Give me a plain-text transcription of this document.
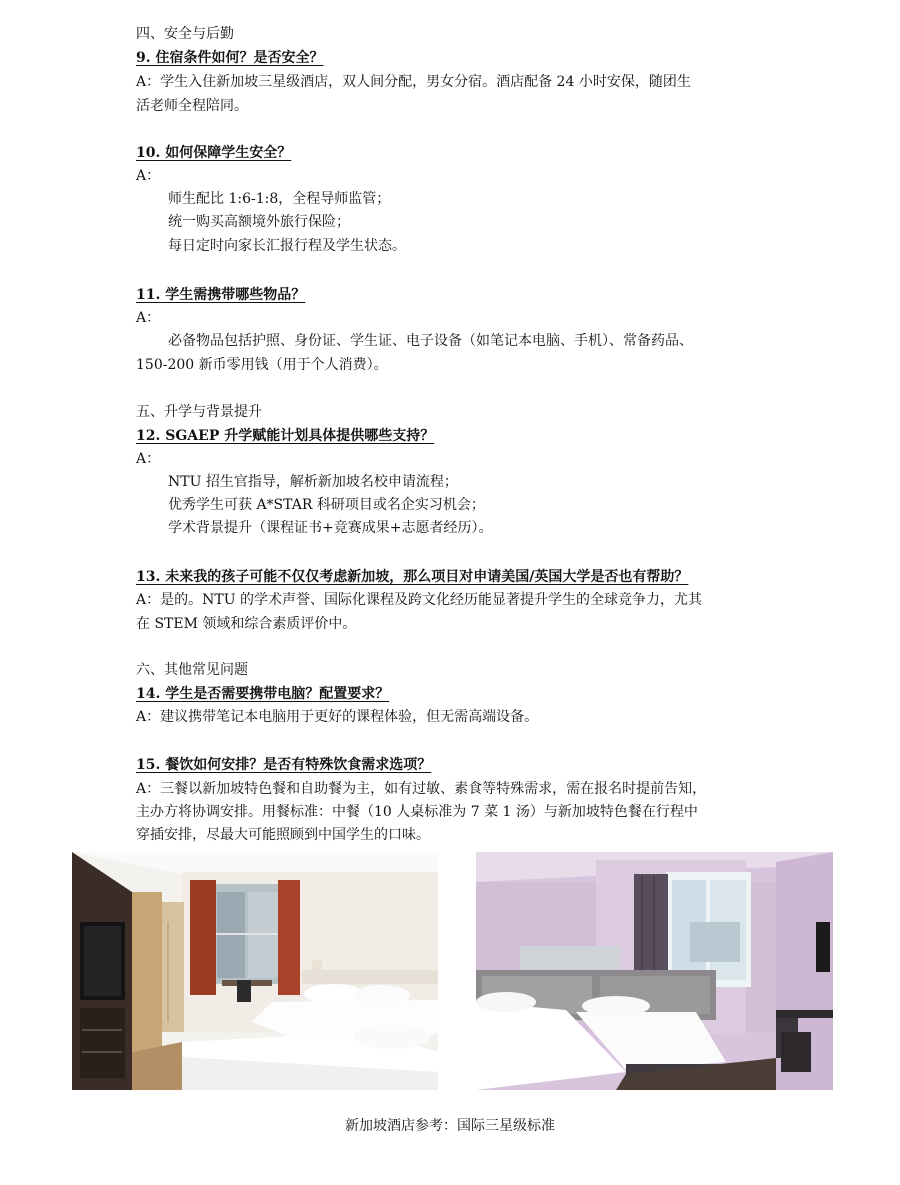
四、安全与后勤
9. 住宿条件如何？是否安全？
A：学生入住新加坡三星级酒店，双人间分配，男女分宿。酒店配备 24 小时安保，随团生
活老师全程陪同。
10. 如何保障学生安全？
A：
师生配比 1:6-1:8，全程导师监管；
统一购买高额境外旅行保险；
每日定时向家长汇报行程及学生状态。
11. 学生需携带哪些物品？
A：
必备物品包括护照、身份证、学生证、电子设备（如笔记本电脑、手机）、常备药品、
150-200 新币零用钱（用于个人消费）。
五、升学与背景提升
12. SGAEP 升学赋能计划具体提供哪些支持？
A：
NTU 招生官指导，解析新加坡名校申请流程；
优秀学生可获 A*STAR 科研项目或名企实习机会；
学术背景提升（课程证书+竞赛成果+志愿者经历）。
13. 未来我的孩子可能不仅仅考虑新加坡，那么项目对申请美国/英国大学是否也有帮助？
A：是的。NTU 的学术声誉、国际化课程及跨文化经历能显著提升学生的全球竞争力，尤其
在 STEM 领域和综合素质评价中。
六、其他常见问题
14. 学生是否需要携带电脑？配置要求？
A：建议携带笔记本电脑用于更好的课程体验，但无需高端设备。
15. 餐饮如何安排？是否有特殊饮食需求选项？
A：三餐以新加坡特色餐和自助餐为主，如有过敏、素食等特殊需求，需在报名时提前告知，
主办方将协调安排。用餐标准：中餐（10 人桌标准为 7 菜 1 汤）与新加坡特色餐在行程中
穿插安排，尽最大可能照顾到中国学生的口味。
新加坡酒店参考：国际三星级标准
